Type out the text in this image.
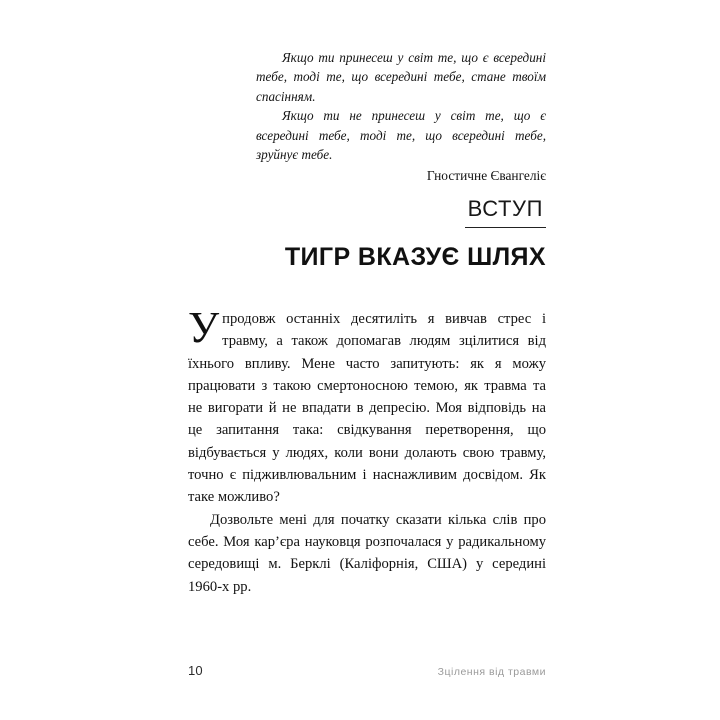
Якщо ти принесеш у світ те, що є всередині тебе, тоді те, що всередині тебе, стане твоїм спасінням.

Якщо ти не принесеш у світ те, що є всередині тебе, тоді те, що всередині тебе, зруйнує тебе.

Гностичне Євангеліє

ВСТУП
ТИГР ВКАЗУЄ ШЛЯХ

Упродовж останніх десятиліть я вивчав стрес і травму, а також допомагав людям зцілитися від їхнього впливу. Мене часто запитують: як я можу працювати з такою смертоносною темою, як травма та не вигорати й не впадати в депресію. Моя відповідь на це запитання така: свідкування перетворення, що відбувається у людях, коли вони долають свою травму, точно є підживлювальним і наснажливим досвідом. Як таке можливо?

Дозвольте мені для початку сказати кілька слів про себе. Моя кар’єра науковця розпочалася у радикальному середовищі м. Берклі (Каліфорнія, США) у середині 1960-х рр.

10	Зцілення від травми
